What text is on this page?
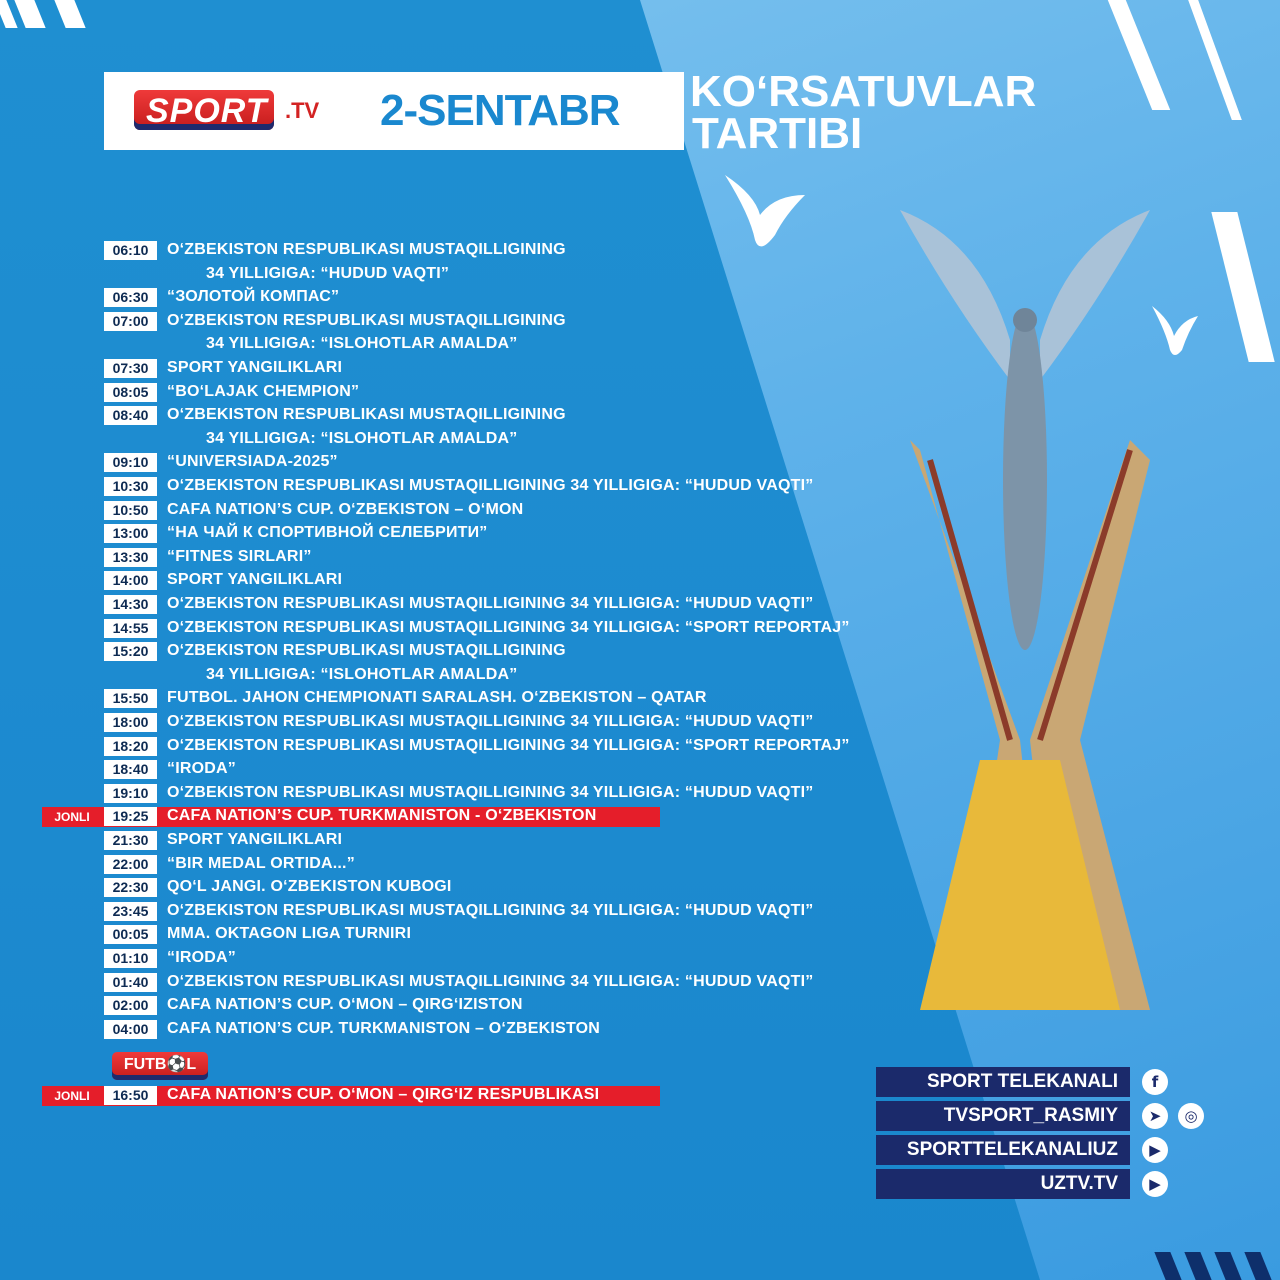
SPORT .TV 2-SENTABR KO‘RSATUVLAR
TARTIBI
06:10	O‘ZBEKISTON RESPUBLIKASI MUSTAQILLIGINING
34 YILLIGIGA: “HUDUD VAQTI”
06:30	“ЗОЛОТОЙ КОМПАС”
07:00	O‘ZBEKISTON RESPUBLIKASI MUSTAQILLIGINING
34 YILLIGIGA: “ISLOHOTLAR AMALDA”
07:30	SPORT YANGILIKLARI
08:05	“BO‘LAJAK CHEMPION”
08:40	O‘ZBEKISTON RESPUBLIKASI MUSTAQILLIGINING
34 YILLIGIGA: “ISLOHOTLAR AMALDA”
09:10	“UNIVERSIADA-2025”
10:30	O‘ZBEKISTON RESPUBLIKASI MUSTAQILLIGINING 34 YILLIGIGA: “HUDUD VAQTI”
10:50	CAFA NATION’S CUP. O‘ZBEKISTON – O‘MON
13:00	“НА ЧАЙ К СПОРТИВНОЙ СЕЛЕБРИТИ”
13:30	“FITNES SIRLARI”
14:00	SPORT YANGILIKLARI
14:30	O‘ZBEKISTON RESPUBLIKASI MUSTAQILLIGINING 34 YILLIGIGA: “HUDUD VAQTI”
14:55	O‘ZBEKISTON RESPUBLIKASI MUSTAQILLIGINING 34 YILLIGIGA: “SPORT REPORTAJ”
15:20	O‘ZBEKISTON RESPUBLIKASI MUSTAQILLIGINING
34 YILLIGIGA: “ISLOHOTLAR AMALDA”
15:50	FUTBOL. JAHON CHEMPIONATI SARALASH. O‘ZBEKISTON – QATAR
18:00	O‘ZBEKISTON RESPUBLIKASI MUSTAQILLIGINING 34 YILLIGIGA: “HUDUD VAQTI”
18:20	O‘ZBEKISTON RESPUBLIKASI MUSTAQILLIGINING 34 YILLIGIGA: “SPORT REPORTAJ”
18:40	“IRODA”
19:10	O‘ZBEKISTON RESPUBLIKASI MUSTAQILLIGINING 34 YILLIGIGA: “HUDUD VAQTI”
JONLI	19:25	CAFA NATION’S CUP. TURKMANISTON - O‘ZBEKISTON
21:30	SPORT YANGILIKLARI
22:00	“BIR MEDAL ORTIDA...”
22:30	QO‘L JANGI. O‘ZBEKISTON KUBOGI
23:45	O‘ZBEKISTON RESPUBLIKASI MUSTAQILLIGINING 34 YILLIGIGA: “HUDUD VAQTI”
00:05	MMA. OKTAGON LIGA TURNIRI
01:10	“IRODA”
01:40	O‘ZBEKISTON RESPUBLIKASI MUSTAQILLIGINING 34 YILLIGIGA: “HUDUD VAQTI”
02:00	CAFA NATION’S CUP. O‘MON – QIRG‘IZISTON
04:00	CAFA NATION’S CUP. TURKMANISTON – O‘ZBEKISTON
FUTB⚽L
JONLI	16:50	CAFA NATION’S CUP. O‘MON – QIRG‘IZ RESPUBLIKASI
SPORT TELEKANALI	f
TVSPORT_RASMIY	➤	◎
SPORTTELEKANALIUZ	▶
UZTV.TV	▶
